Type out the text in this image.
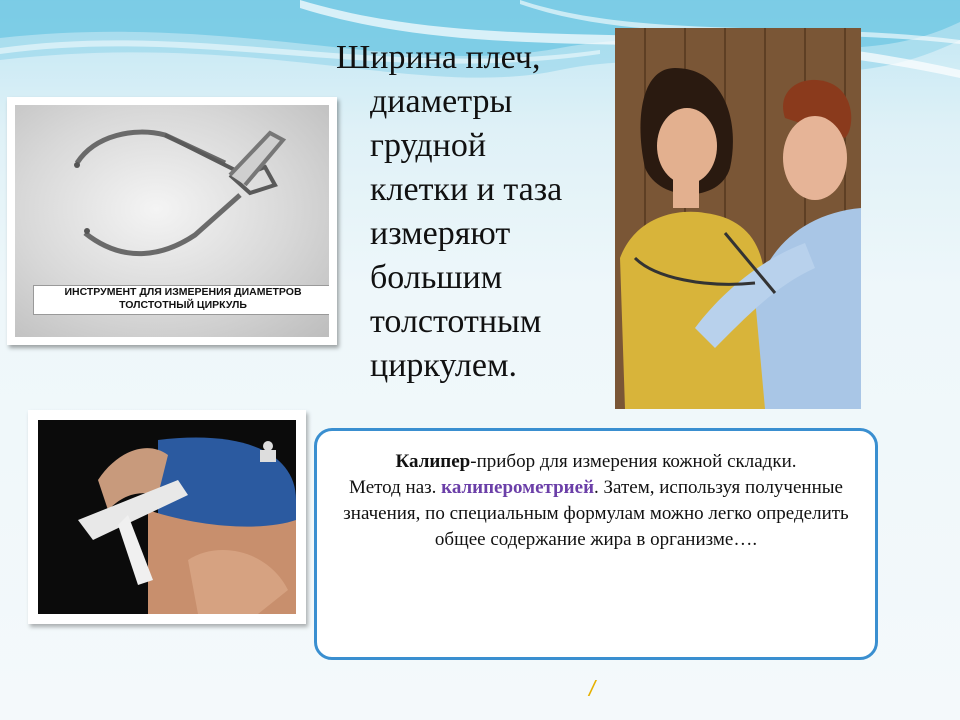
ИНСТРУМЕНТ ДЛЯ ИЗМЕРЕНИЯ ДИАМЕТРОВ
ТОЛСТОТНЫЙ ЦИРКУЛЬ
Ширина плеч,
диаметры
грудной
клетки и таза
измеряют
большим
толстотным
циркулем.
Калипер-прибор для измерения кожной складки.
Метод наз. калиперометрией. Затем, используя полученные значения, по специальным формулам можно легко определить общее содержание жира в организме….
/
